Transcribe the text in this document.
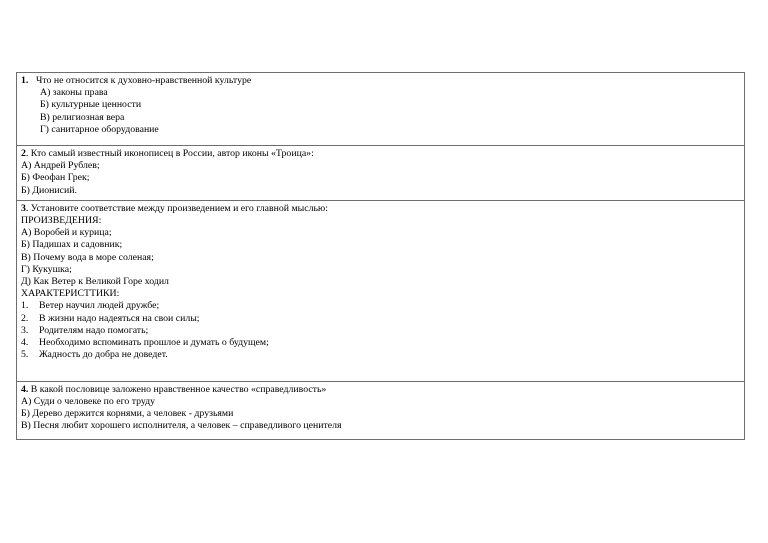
1. Что не относится к духовно-нравственной культуре
А) законы права
Б) культурные ценности
В) религиозная вера
Г) санитарное оборудование

2. Кто самый известный иконописец в России, автор иконы «Троица»:
А) Андрей Рублев;
Б) Феофан Грек;
Б) Дионисий.

3. Установите соответствие между произведением и его главной мыслью:
ПРОИЗВЕДЕНИЯ:
А) Воробей и курица;
Б) Падишах и садовник;
В) Почему вода в море соленая;
Г) Кукушка;
Д) Как Ветер к Великой Горе ходил
ХАРАКТЕРИСТТИКИ:
1.	Ветер научил людей дружбе;
2.	В жизни надо надеяться на свои силы;
3.	Родителям надо помогать;
4.	Необходимо вспоминать прошлое и думать о будущем;
5.	Жадность до добра не доведет.

4. В какой пословице заложено нравственное качество «справедливость»
А) Суди о человеке по его труду
Б) Дерево держится корнями, а человек - друзьями
В) Песня любит хорошего исполнителя, а человек – справедливого ценителя
